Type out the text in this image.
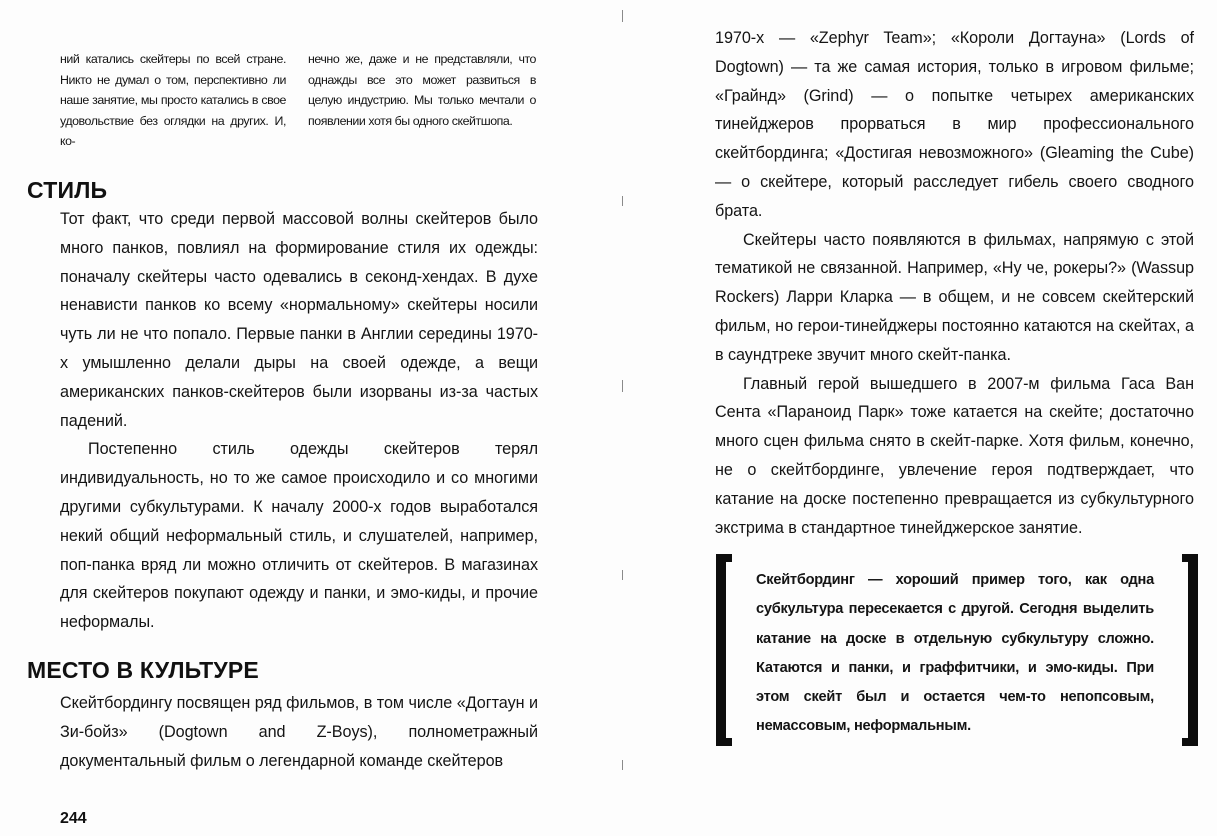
ний катались скейтеры по всей стране. Никто не думал о том, перспективно ли наше занятие, мы просто катались в свое удовольствие без оглядки на других. И, ко-

нечно же, даже и не представляли, что однажды все это может развиться в целую индустрию. Мы только мечтали о появлении хотя бы одного скейтшопа.

СТИЛЬ

Тот факт, что среди первой массовой волны скейтеров было много панков, повлиял на формирование стиля их одежды: поначалу скейтеры часто одевались в секонд-хендах. В духе ненависти панков ко всему «нормальному» скейтеры носили чуть ли не что попало. Первые панки в Англии середины 1970-х умышленно делали дыры на своей одежде, а вещи американских панков-скейтеров были изорваны из-за частых падений.

Постепенно стиль одежды скейтеров терял индивидуальность, но то же самое происходило и со многими другими субкультурами. К началу 2000-х годов выработался некий общий неформальный стиль, и слушателей, например, поп-панка вряд ли можно отличить от скейтеров. В магазинах для скейтеров покупают одежду и панки, и эмо-киды, и прочие неформалы.

МЕСТО В КУЛЬТУРЕ

Скейтбордингу посвящен ряд фильмов, в том числе «Догтаун и Зи-бойз» (Dogtown and Z-Boys), полнометражный документальный фильм о легендарной команде скейтеров

244

1970-х — «Zephyr Team»; «Короли Догтауна» (Lords of Dogtown) — та же самая история, только в игровом фильме; «Грайнд» (Grind) — о попытке четырех американских тинейджеров прорваться в мир профессионального скейтбординга; «Достигая невозможного» (Gleaming the Cube) — о скейтере, который расследует гибель своего сводного брата.

Скейтеры часто появляются в фильмах, напрямую с этой тематикой не связанной. Например, «Ну че, рокеры?» (Wassup Rockers) Ларри Кларка — в общем, и не совсем скейтерский фильм, но герои-тинейджеры постоянно катаются на скейтах, а в саундтреке звучит много скейт-панка.

Главный герой вышедшего в 2007-м фильма Гаса Ван Сента «Параноид Парк» тоже катается на скейте; достаточно много сцен фильма снято в скейт-парке. Хотя фильм, конечно, не о скейтбординге, увлечение героя подтверждает, что катание на доске постепенно превращается из субкультурного экстрима в стандартное тинейджерское занятие.

Скейтбординг — хороший пример того, как одна субкультура пересекается с другой. Сегодня выделить катание на доске в отдельную субкультуру сложно. Катаются и панки, и граффитчики, и эмо-киды. При этом скейт был и остается чем-то непопсовым, немассовым, неформальным.
